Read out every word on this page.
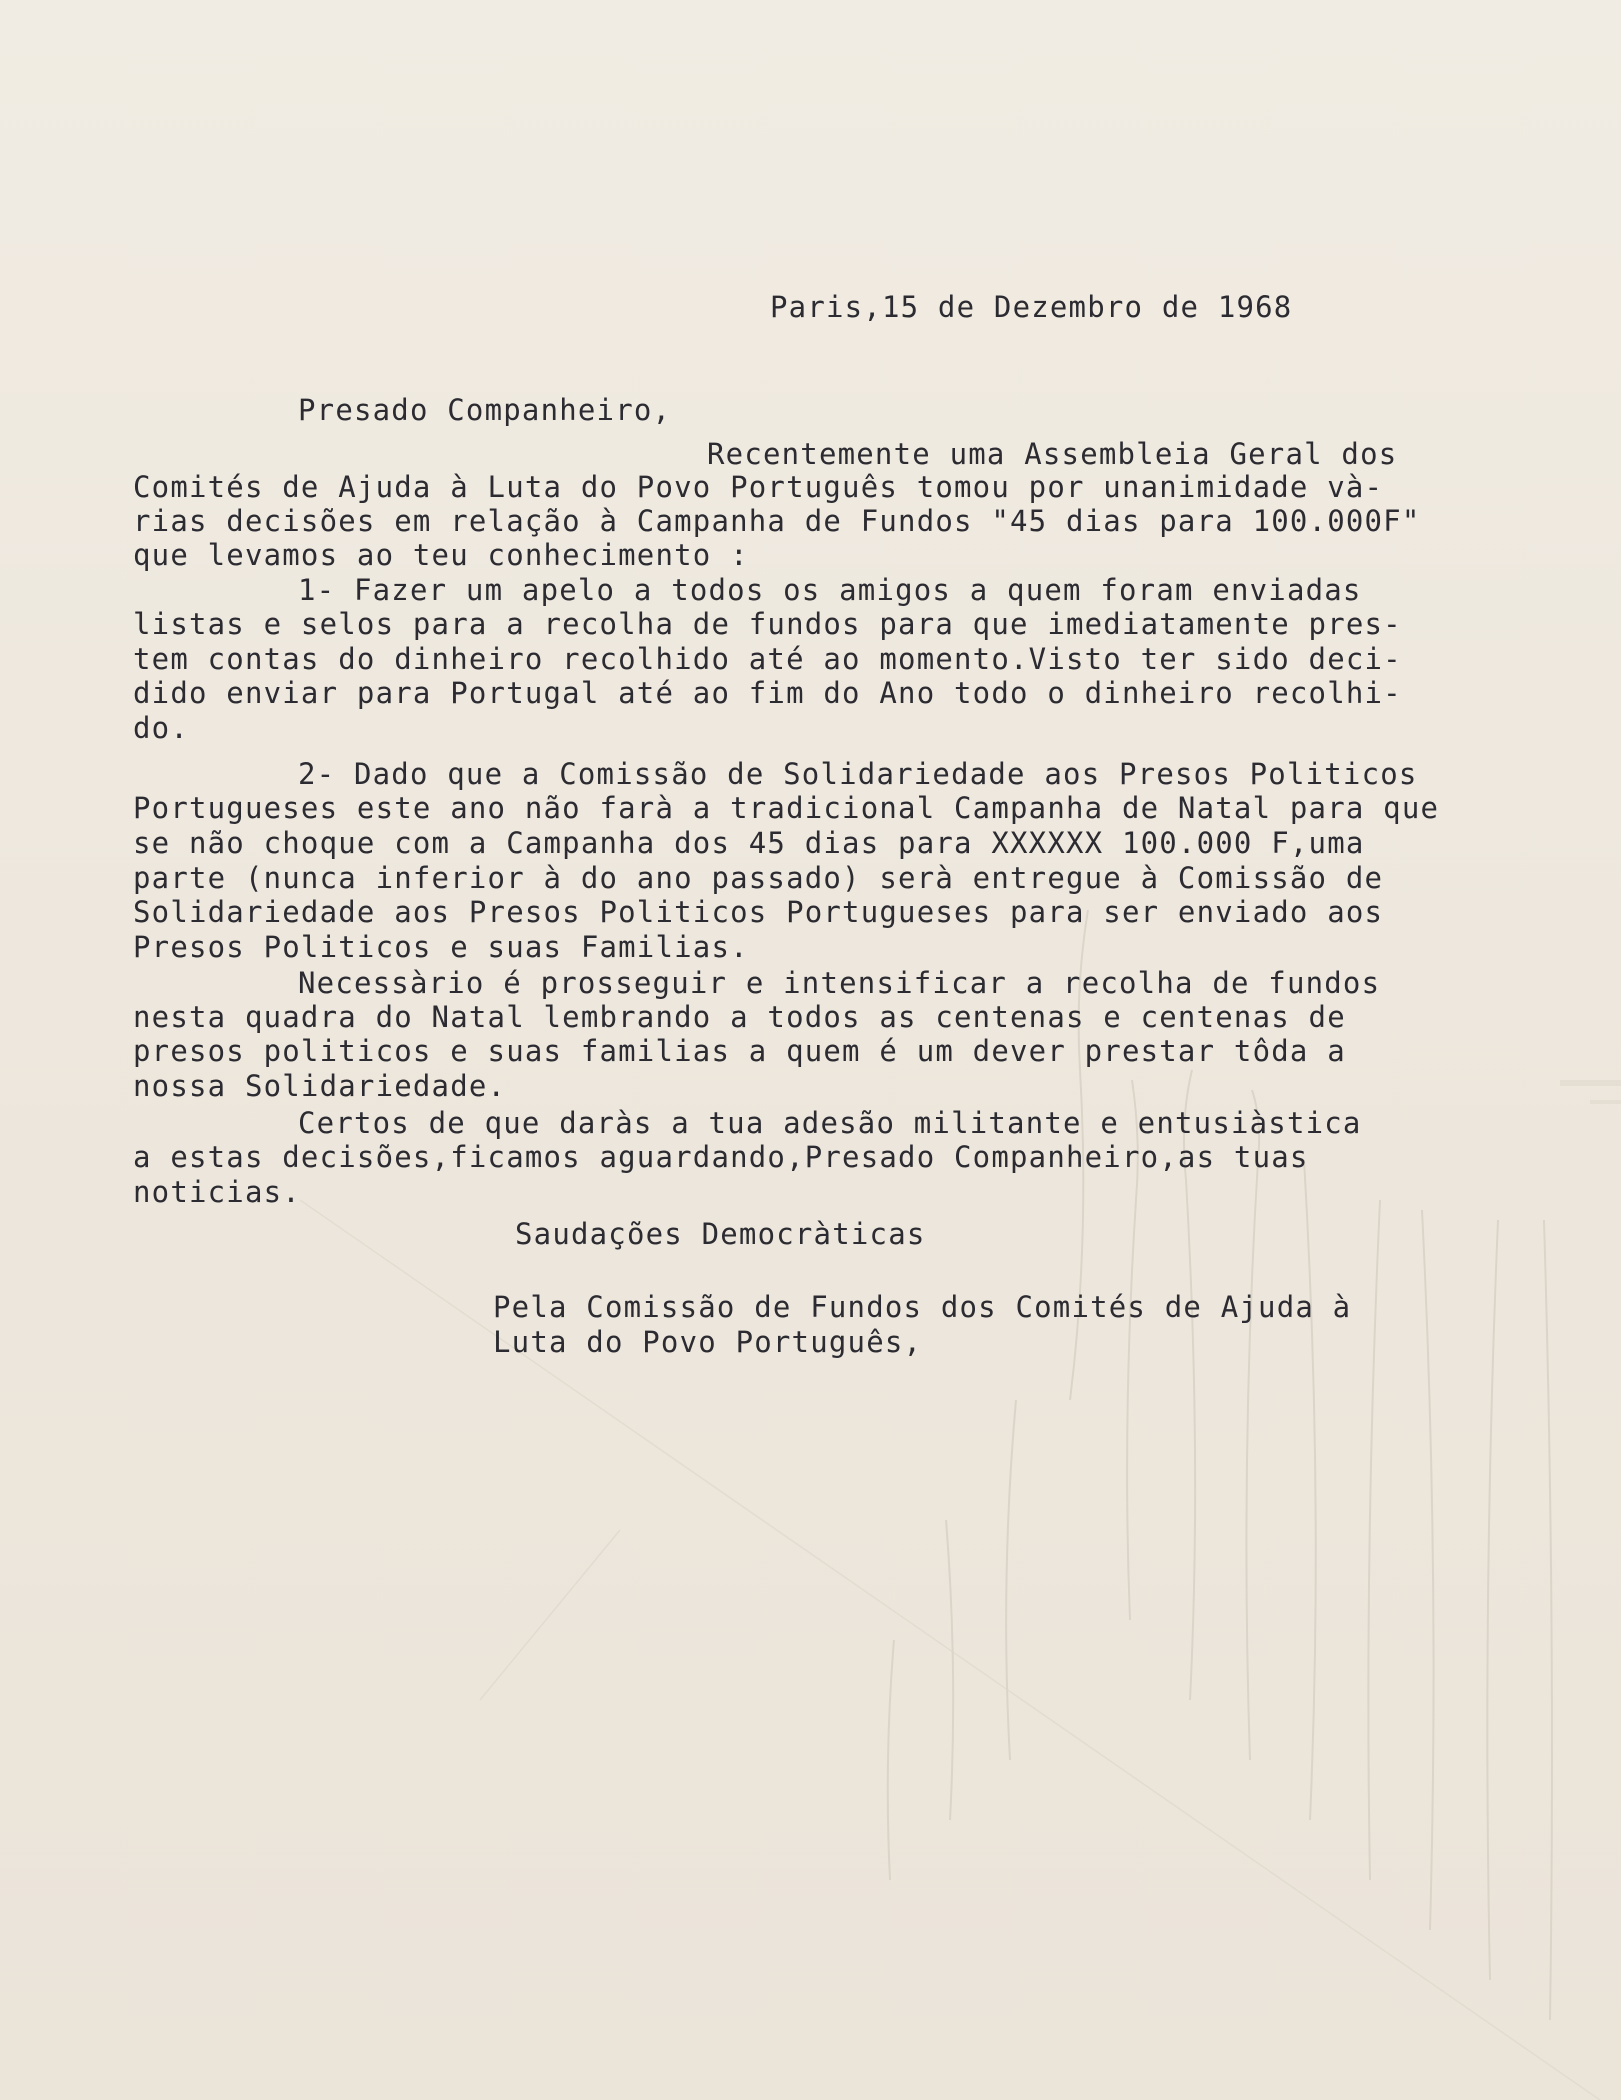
Paris,15 de Dezembro de 1968
Presado Companheiro,
Recentemente uma Assembleia Geral dos
Comités de Ajuda à Luta do Povo Português tomou por unanimidade và-
rias decisões em relação à Campanha de Fundos "45 dias para 100.000F"
que levamos ao teu conhecimento :
1- Fazer um apelo a todos os amigos a quem foram enviadas
listas e selos para a recolha de fundos para que imediatamente pres-
tem contas do dinheiro recolhido até ao momento.Visto ter sido deci-
dido enviar para Portugal até ao fim do Ano todo o dinheiro recolhi-
do.
2- Dado que a Comissão de Solidariedade aos Presos Politicos
Portugueses este ano não farà a tradicional Campanha de Natal para que
se não choque com a Campanha dos 45 dias para XXXXXX 100.000 F,uma
parte (nunca inferior à do ano passado) serà entregue à Comissão de
Solidariedade aos Presos Politicos Portugueses para ser enviado aos
Presos Politicos e suas Familias.
Necessàrio é prosseguir e intensificar a recolha de fundos
nesta quadra do Natal lembrando a todos as centenas e centenas de
presos politicos e suas familias a quem é um dever prestar tôda a
nossa Solidariedade.
Certos de que daràs a tua adesão militante e entusiàstica
a estas decisões,ficamos aguardando,Presado Companheiro,as tuas
noticias.
Saudações Democràticas
Pela Comissão de Fundos dos Comités de Ajuda à
Luta do Povo Português,
